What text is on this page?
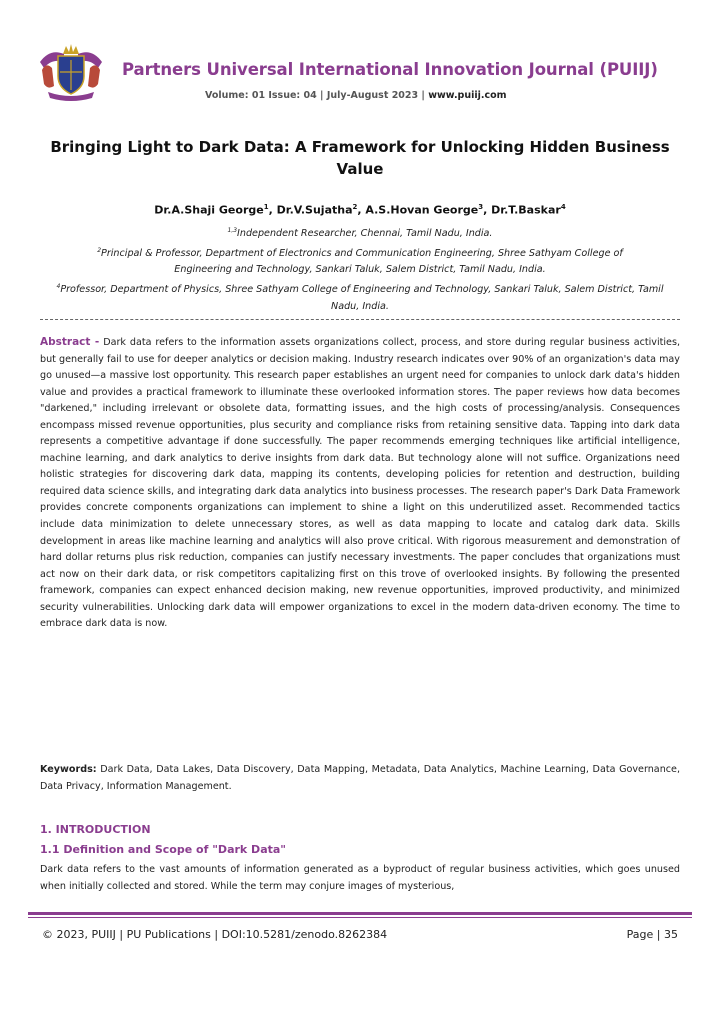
Partners Universal International Innovation Journal (PUIIJ)
Volume: 01 Issue: 04 | July-August 2023 | www.puiij.com
Bringing Light to Dark Data: A Framework for Unlocking Hidden Business Value
Dr.A.Shaji George$^1$, Dr.V.Sujatha$^2$, A.S.Hovan George$^3$, Dr.T.Baskar$^4$
$^{1,3}$Independent Researcher, Chennai, Tamil Nadu, India.
$^2$Principal & Professor, Department of Electronics and Communication Engineering, Shree Sathyam College of Engineering and Technology, Sankari Taluk, Salem District, Tamil Nadu, India.
$^4$Professor, Department of Physics, Shree Sathyam College of Engineering and Technology, Sankari Taluk, Salem District, Tamil Nadu, India.
Abstract - Dark data refers to the information assets organizations collect, process, and store during regular business activities, but generally fail to use for deeper analytics or decision making. Industry research indicates over 90% of an organization's data may go unused—a massive lost opportunity. This research paper establishes an urgent need for companies to unlock dark data's hidden value and provides a practical framework to illuminate these overlooked information stores. The paper reviews how data becomes "darkened," including irrelevant or obsolete data, formatting issues, and the high costs of processing/analysis. Consequences encompass missed revenue opportunities, plus security and compliance risks from retaining sensitive data. Tapping into dark data represents a competitive advantage if done successfully. The paper recommends emerging techniques like artificial intelligence, machine learning, and dark analytics to derive insights from dark data. But technology alone will not suffice. Organizations need holistic strategies for discovering dark data, mapping its contents, developing policies for retention and destruction, building required data science skills, and integrating dark data analytics into business processes. The research paper's Dark Data Framework provides concrete components organizations can implement to shine a light on this underutilized asset. Recommended tactics include data minimization to delete unnecessary stores, as well as data mapping to locate and catalog dark data. Skills development in areas like machine learning and analytics will also prove critical. With rigorous measurement and demonstration of hard dollar returns plus risk reduction, companies can justify necessary investments. The paper concludes that organizations must act now on their dark data, or risk competitors capitalizing first on this trove of overlooked insights. By following the presented framework, companies can expect enhanced decision making, new revenue opportunities, improved productivity, and minimized security vulnerabilities. Unlocking dark data will empower organizations to excel in the modern data-driven economy. The time to embrace dark data is now.
Keywords: Dark Data, Data Lakes, Data Discovery, Data Mapping, Metadata, Data Analytics, Machine Learning, Data Governance, Data Privacy, Information Management.
1. INTRODUCTION
1.1 Definition and Scope of "Dark Data"
Dark data refers to the vast amounts of information generated as a byproduct of regular business activities, which goes unused when initially collected and stored. While the term may conjure images of mysterious,
© 2023, PUIIJ | PU Publications | DOI:10.5281/zenodo.8262384	Page | 35
